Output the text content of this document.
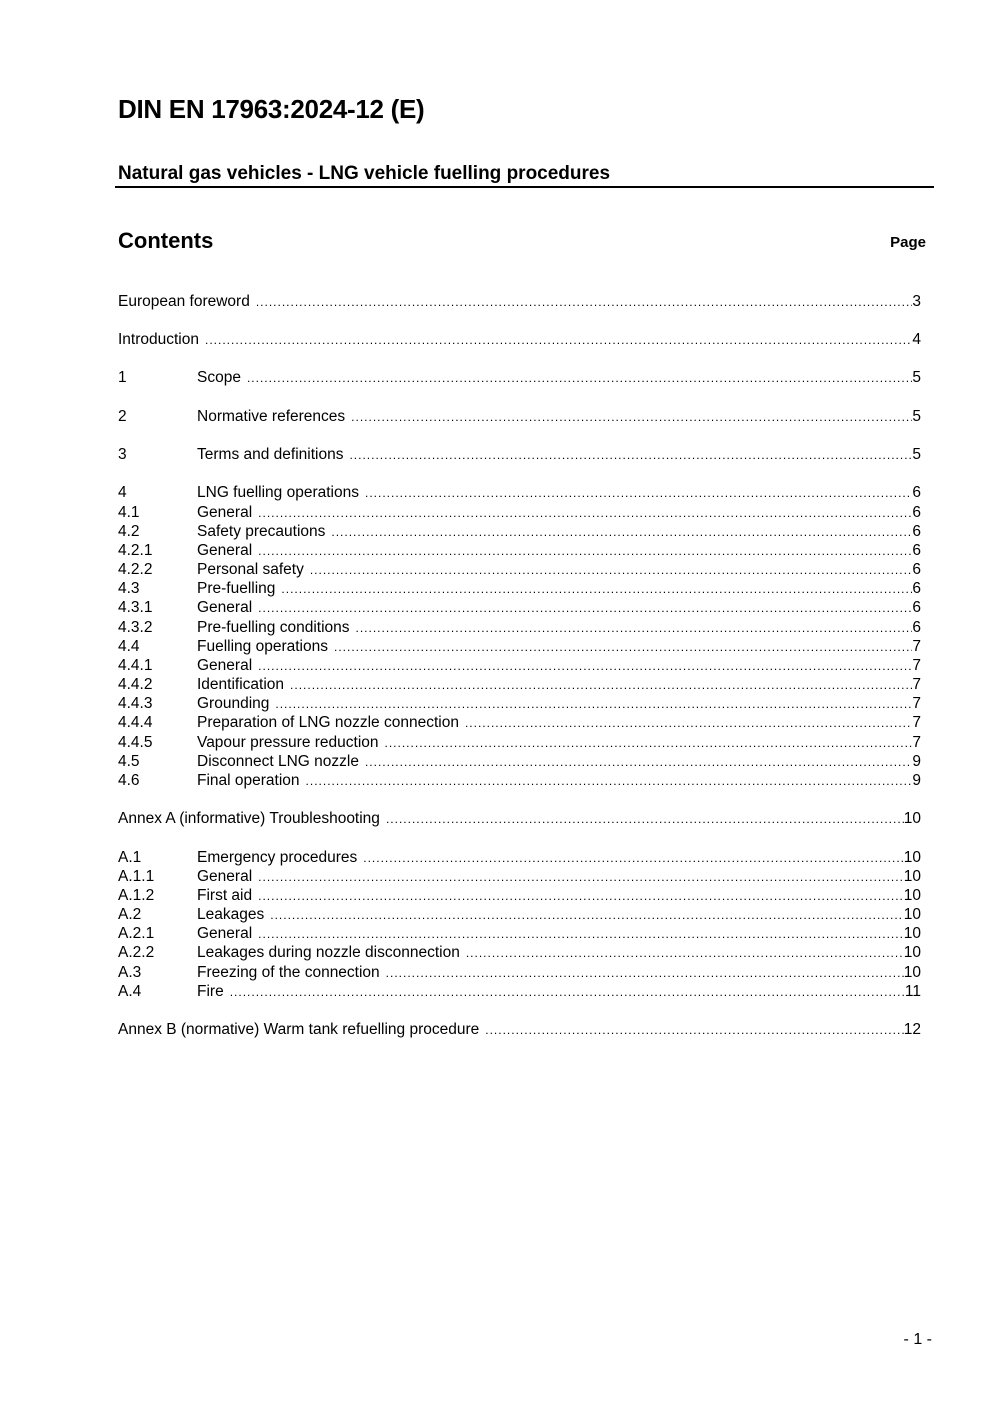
DIN EN 17963:2024-12 (E)
Natural gas vehicles - LNG vehicle fuelling procedures
Contents	Page
European foreword .....	3
Introduction .....	4
1	Scope .....	5
2	Normative references .....	5
3	Terms and definitions .....	5
4	LNG fuelling operations .....	6
4.1	General .....	6
4.2	Safety precautions .....	6
4.2.1	General .....	6
4.2.2	Personal safety .....	6
4.3	Pre-fuelling .....	6
4.3.1	General .....	6
4.3.2	Pre-fuelling conditions .....	6
4.4	Fuelling operations .....	7
4.4.1	General .....	7
4.4.2	Identification .....	7
4.4.3	Grounding .....	7
4.4.4	Preparation of LNG nozzle connection .....	7
4.4.5	Vapour pressure reduction .....	7
4.5	Disconnect LNG nozzle .....	9
4.6	Final operation .....	9
Annex A (informative) Troubleshooting .....	10
A.1	Emergency procedures .....	10
A.1.1	General .....	10
A.1.2	First aid .....	10
A.2	Leakages .....	10
A.2.1	General .....	10
A.2.2	Leakages during nozzle disconnection .....	10
A.3	Freezing of the connection .....	10
A.4	Fire .....	11
Annex B (normative) Warm tank refuelling procedure .....	12
- 1 -
